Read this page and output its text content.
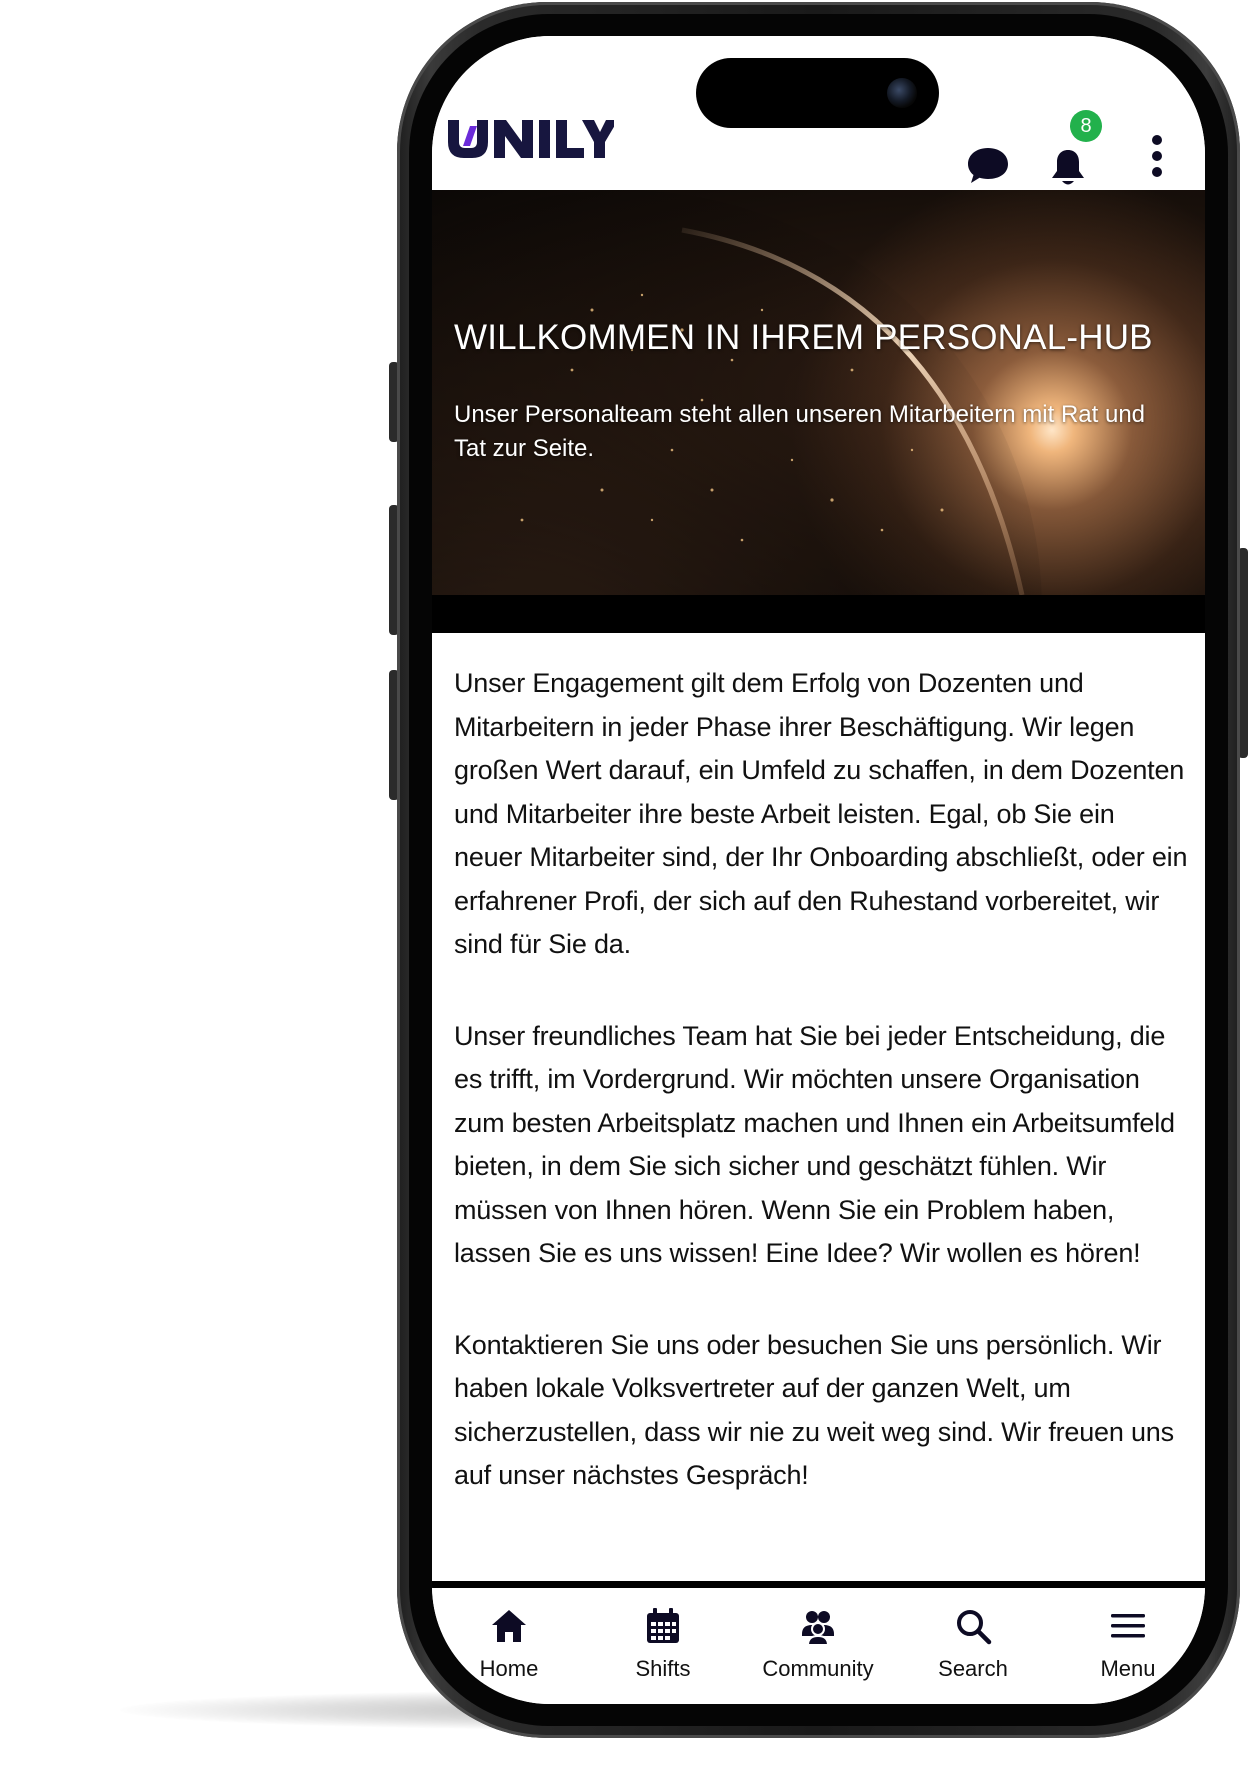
8
WILLKOMMEN IN IHREM PERSONAL-HUB

Unser Personalteam steht allen unseren Mitarbeitern mit Rat und Tat zur Seite.

Unser Engagement gilt dem Erfolg von Dozenten und Mitarbeitern in jeder Phase ihrer Beschäftigung. Wir legen großen Wert darauf, ein Umfeld zu schaffen, in dem Dozenten und Mitarbeiter ihre beste Arbeit leisten. Egal, ob Sie ein neuer Mitarbeiter sind, der Ihr Onboarding abschließt, oder ein erfahrener Profi, der sich auf den Ruhestand vorbereitet, wir sind für Sie da.

Unser freundliches Team hat Sie bei jeder Entscheidung, die es trifft, im Vordergrund. Wir möchten unsere Organisation zum besten Arbeitsplatz machen und Ihnen ein Arbeitsumfeld bieten, in dem Sie sich sicher und geschätzt fühlen. Wir müssen von Ihnen hören. Wenn Sie ein Problem haben, lassen Sie es uns wissen! Eine Idee? Wir wollen es hören!

Kontaktieren Sie uns oder besuchen Sie uns persönlich. Wir haben lokale Volksvertreter auf der ganzen Welt, um sicherzustellen, dass wir nie zu weit weg sind. Wir freuen uns auf unser nächstes Gespräch!

Home	Shifts	Community	Search	Menu
